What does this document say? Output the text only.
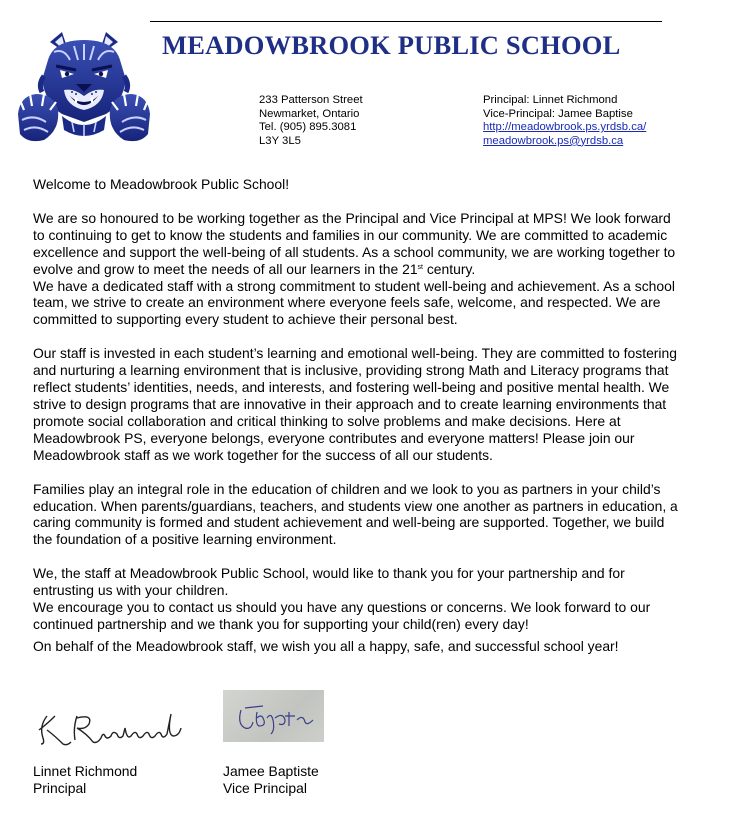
MEADOWBROOK PUBLIC SCHOOL
233 Patterson Street
Newmarket, Ontario
Tel. (905) 895.3081
L3Y 3L5
Principal: Linnet Richmond
Vice-Principal: Jamee Baptise
http://meadowbrook.ps.yrdsb.ca/
meadowbrook.ps@yrdsb.ca

Welcome to Meadowbrook Public School!

We are so honoured to be working together as the Principal and Vice Principal at MPS! We look forward
to continuing to get to know the students and families in our community. We are committed to academic
excellence and support the well-being of all students. As a school community, we are working together to
evolve and grow to meet the needs of all our learners in the 21st century.

We have a dedicated staff with a strong commitment to student well-being and achievement. As a school
team, we strive to create an environment where everyone feels safe, welcome, and respected. We are
committed to supporting every student to achieve their personal best.

Our staff is invested in each student’s learning and emotional well-being. They are committed to fostering
and nurturing a learning environment that is inclusive, providing strong Math and Literacy programs that
reflect students’ identities, needs, and interests, and fostering well-being and positive mental health. We
strive to design programs that are innovative in their approach and to create learning environments that
promote social collaboration and critical thinking to solve problems and make decisions. Here at
Meadowbrook PS, everyone belongs, everyone contributes and everyone matters! Please join our
Meadowbrook staff as we work together for the success of all our students.

Families play an integral role in the education of children and we look to you as partners in your child’s
education. When parents/guardians, teachers, and students view one another as partners in education, a
caring community is formed and student achievement and well-being are supported. Together, we build
the foundation of a positive learning environment.

We, the staff at Meadowbrook Public School, would like to thank you for your partnership and for
entrusting us with your children.

We encourage you to contact us should you have any questions or concerns. We look forward to our
continued partnership and we thank you for supporting your child(ren) every day!

On behalf of the Meadowbrook staff, we wish you all a happy, safe, and successful school year!

Linnet Richmond
Principal
Jamee Baptiste
Vice Principal
